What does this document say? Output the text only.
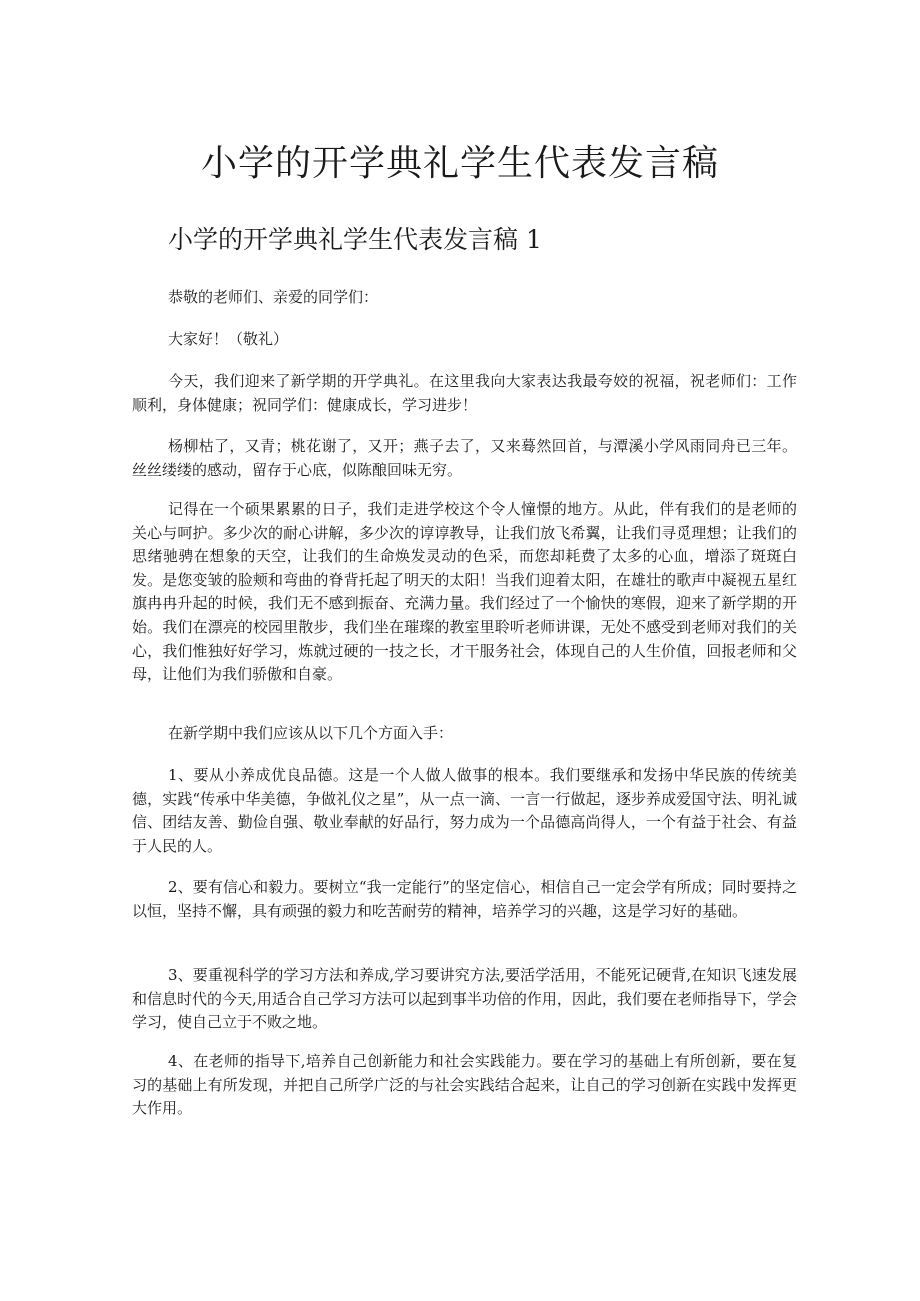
小学的开学典礼学生代表发言稿
小学的开学典礼学生代表发言稿 1

恭敬的老师们、亲爱的同学们：

大家好！（敬礼）

今天，我们迎来了新学期的开学典礼。在这里我向大家表达我最夸姣的祝福，祝老师们：工作顺利，身体健康；祝同学们：健康成长，学习进步！

杨柳枯了，又青；桃花谢了，又开；燕子去了，又来蓦然回首，与潭溪小学风雨同舟已三年。丝丝缕缕的感动，留存于心底，似陈酿回味无穷。

记得在一个硕果累累的日子，我们走进学校这个令人憧憬的地方。从此，伴有我们的是老师的关心与呵护。多少次的耐心讲解，多少次的谆谆教导，让我们放飞希翼，让我们寻觅理想；让我们的思绪驰骋在想象的天空，让我们的生命焕发灵动的色采，而您却耗费了太多的心血，增添了斑斑白发。是您变皱的脸颊和弯曲的脊背托起了明天的太阳！当我们迎着太阳，在雄壮的歌声中凝视五星红旗冉冉升起的时候，我们无不感到振奋、充满力量。我们经过了一个愉快的寒假，迎来了新学期的开始。我们在漂亮的校园里散步，我们坐在璀璨的教室里聆听老师讲课，无处不感受到老师对我们的关心，我们惟独好好学习，炼就过硬的一技之长，才干服务社会，体现自己的人生价值，回报老师和父母，让他们为我们骄傲和自豪。

在新学期中我们应该从以下几个方面入手：

1、要从小养成优良品德。这是一个人做人做事的根本。我们要继承和发扬中华民族的传统美德，实践“传承中华美德，争做礼仪之星”，从一点一滴、一言一行做起，逐步养成爱国守法、明礼诚信、团结友善、勤俭自强、敬业奉献的好品行，努力成为一个品德高尚得人，一个有益于社会、有益于人民的人。

2、要有信心和毅力。要树立“我一定能行”的坚定信心，相信自己一定会学有所成；同时要持之以恒，坚持不懈，具有顽强的毅力和吃苦耐劳的精神，培养学习的兴趣，这是学习好的基础。

3、要重视科学的学习方法和养成,学习要讲究方法,要活学活用，不能死记硬背,在知识飞速发展和信息时代的今天,用适合自己学习方法可以起到事半功倍的作用，因此，我们要在老师指导下，学会学习，使自己立于不败之地。

4、在老师的指导下,培养自己创新能力和社会实践能力。要在学习的基础上有所创新，要在复习的基础上有所发现，并把自己所学广泛的与社会实践结合起来，让自己的学习创新在实践中发挥更大作用。
